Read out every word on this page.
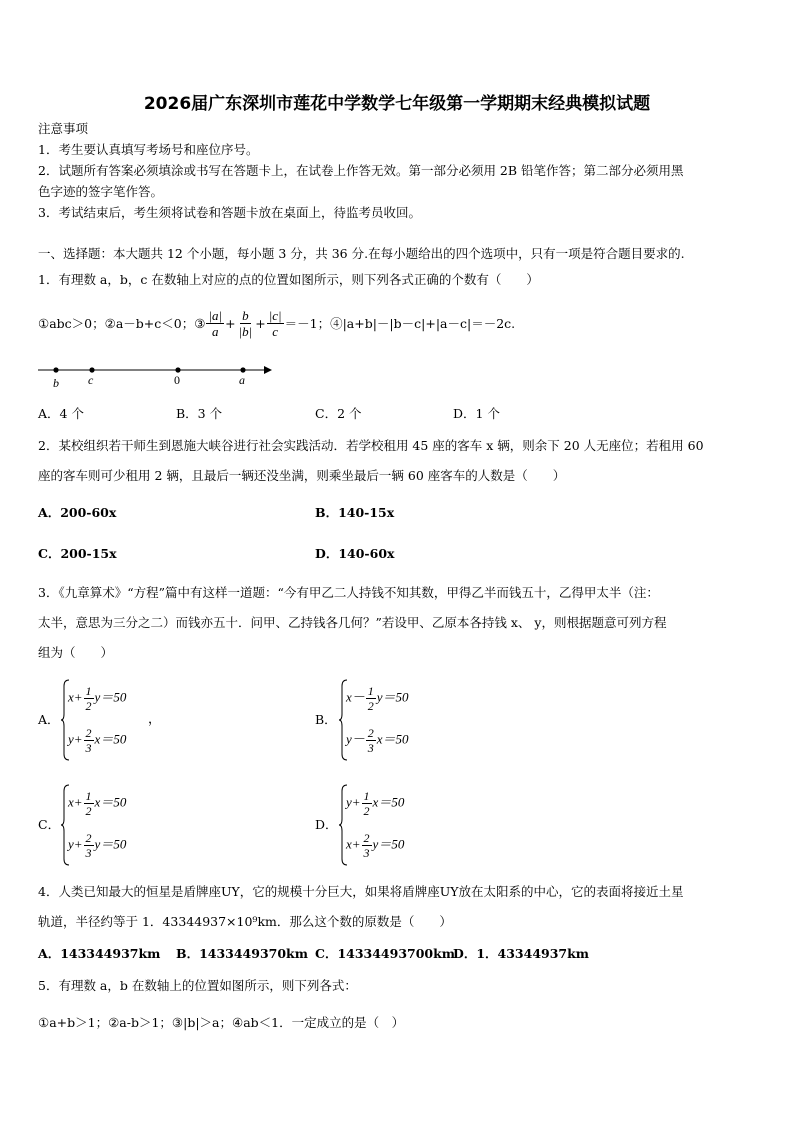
2026届广东深圳市莲花中学数学七年级第一学期期末经典模拟试题
注意事项
1．考生要认真填写考场号和座位序号。
2．试题所有答案必须填涂或书写在答题卡上，在试卷上作答无效。第一部分必须用 2B 铅笔作答；第二部分必须用黑
色字迹的签字笔作答。
3．考试结束后，考生须将试卷和答题卡放在桌面上，待监考员收回。
一、选择题：本大题共 12 个小题，每小题 3 分，共 36 分.在每小题给出的四个选项中，只有一项是符合题目要求的.
1．有理数 a，b，c 在数轴上对应的点的位置如图所示，则下列各式正确的个数有（　　）
①abc＞0；②a－b+c＜0；③ $\frac{|a|}{a} + \frac{b}{|b|} + \frac{|c|}{c} =-1$；④|a+b|－|b－c|+|a－c|＝－2c.
b c	0	a
A．4 个	B．3 个	C．2 个	D．1 个
2．某校组织若干师生到恩施大峡谷进行社会实践活动．若学校租用 45 座的客车 x 辆，则余下 20 人无座位；若租用 60
座的客车则可少租用 2 辆，且最后一辆还没坐满，则乘坐最后一辆 60 座客车的人数是（　　）
A．200-60x	B．140-15x
C．200-15x	D．140-60x
3．《九章算术》“方程”篇中有这样一道题：“今有甲乙二人持钱不知其数，甲得乙半而钱五十，乙得甲太半（注：
太半，意思为三分之二）而钱亦五十．问甲、乙持钱各几何？”若设甲、乙原本各持钱 x、 y，则根据题意可列方程
组为（　　）
A．
$x+ \frac{1}{2} y=50$
$y+ \frac{2}{3} x=50$
，	B．
$x- \frac{1}{2} y=50$
$y- \frac{2}{3} x=50$
C．
$x+ \frac{1}{2} x=50$
$y+ \frac{2}{3} y=50$
D．
$y+ \frac{1}{2} x=50$
$x+ \frac{2}{3} y=50$
4．人类已知最大的恒星是盾牌座UY，它的规模十分巨大，如果将盾牌座UY放在太阳系的中心，它的表面将接近土星
轨道，半径约等于 1．43344937×10⁹km．那么这个数的原数是（　　）
A．143344937km B．1433449370km C．14334493700km
D．1．43344937km
5．有理数 a，b 在数轴上的位置如图所示，则下列各式：
①a+b＞1；②a-b＞1；③|b|＞a；④ab＜1．一定成立的是（　）
